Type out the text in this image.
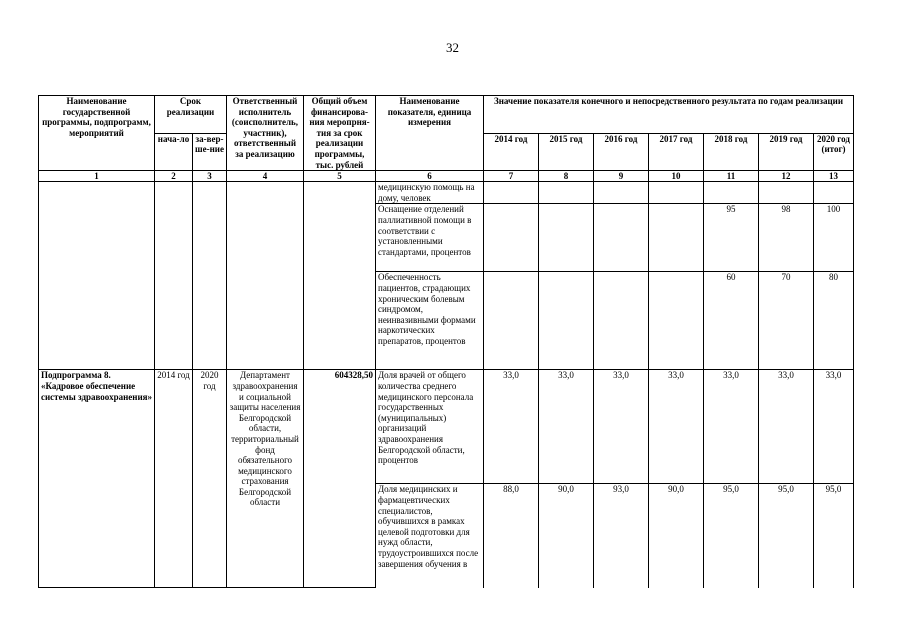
32
Наименование государственной программы, подпрограмм, мероприятий	Срок реализации		Ответственный исполнитель (соисполнитель, участник), ответственный за реализацию	Общий объем финансирова-ния меропрня-тия за срок реализации программы, тыс. рублей	Наименование показателя, единица измерения	Значение показателя конечного и непосредственного результата по годам реализации						
	нача-ло	за-вер-ше-ние				2014 год	2015 год	2016 год	2017 год	2018 год	2019 год	2020 год (итог)
1	2	3	4	5	6	7	8	9	10	11	12	13
					медицинскую помощь на дому, человек							
					Оснащение отделений паллиативной помощи в соответствии с установленными стандартами, процентов					95	98	100
					Обеспеченность пациентов, страдающих хроническим болевым синдромом, неинвазивными формами наркотических препаратов, процентов					60	70	80
Подпрограмма 8. «Кадровое обеспечение системы здравоохранения»	2014 год	2020 год	Департамент здравоохранения и социальной защиты населения Белгородской области, территориальный фонд обязательного медицинского страхования Белгородской области	604328,50	Доля врачей от общего количества среднего медицинского персонала государственных (муниципальных) организаций здравоохранения Белгородской области, процентов	33,0	33,0	33,0	33,0	33,0	33,0	33,0
					Доля медицинских и фармацевтических специалистов, обучившихся в рамках целевой подготовки для нужд области, трудоустроившихся после завершения обучения в	88,0	90,0	93,0	90,0	95,0	95,0	95,0
